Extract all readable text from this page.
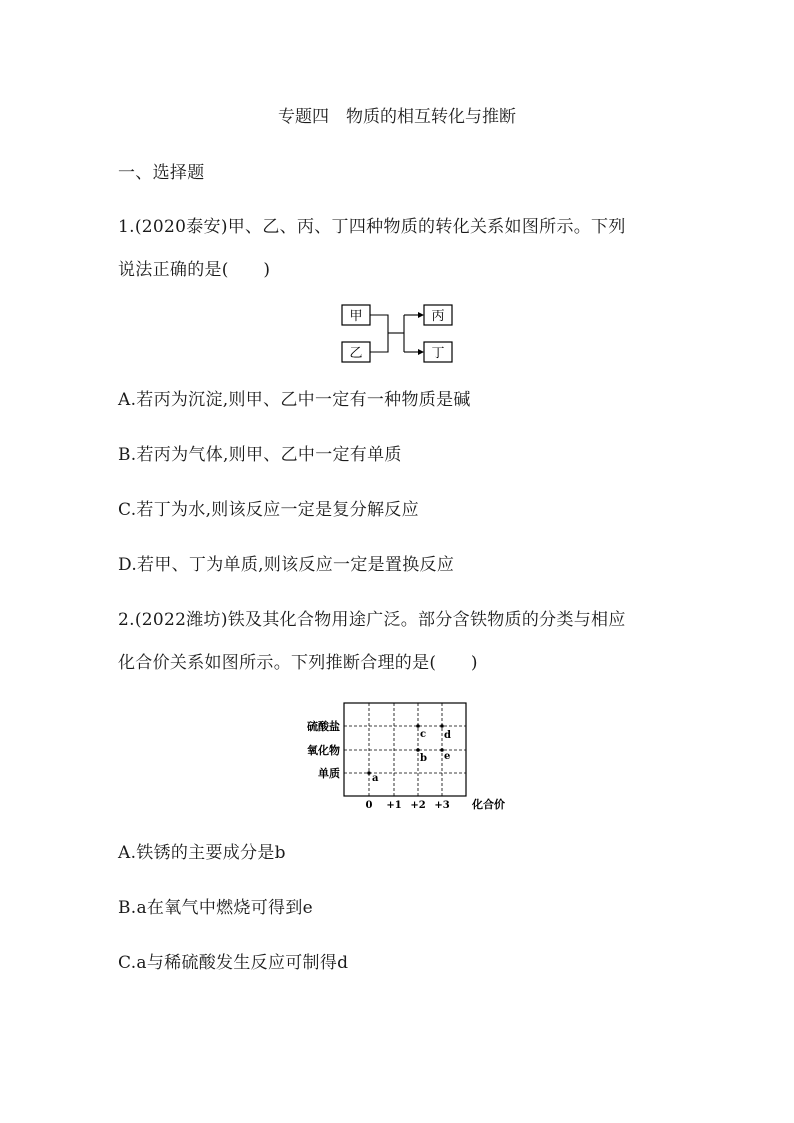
专题四　物质的相互转化与推断
一、选择题
1.(2020泰安)甲、乙、丙、丁四种物质的转化关系如图所示。下列
说法正确的是(　　)
甲
乙
丙
丁
A.若丙为沉淀,则甲、乙中一定有一种物质是碱
B.若丙为气体,则甲、乙中一定有单质
C.若丁为水,则该反应一定是复分解反应
D.若甲、丁为单质,则该反应一定是置换反应
2.(2022潍坊)铁及其化合物用途广泛。部分含铁物质的分类与相应
化合价关系如图所示。下列推断合理的是(　　)
硫酸盐
氧化物
单质
0 +1 +2 +3 化合价
a
b
c d
e
A.铁锈的主要成分是b
B.a在氧气中燃烧可得到e
C.a与稀硫酸发生反应可制得d
